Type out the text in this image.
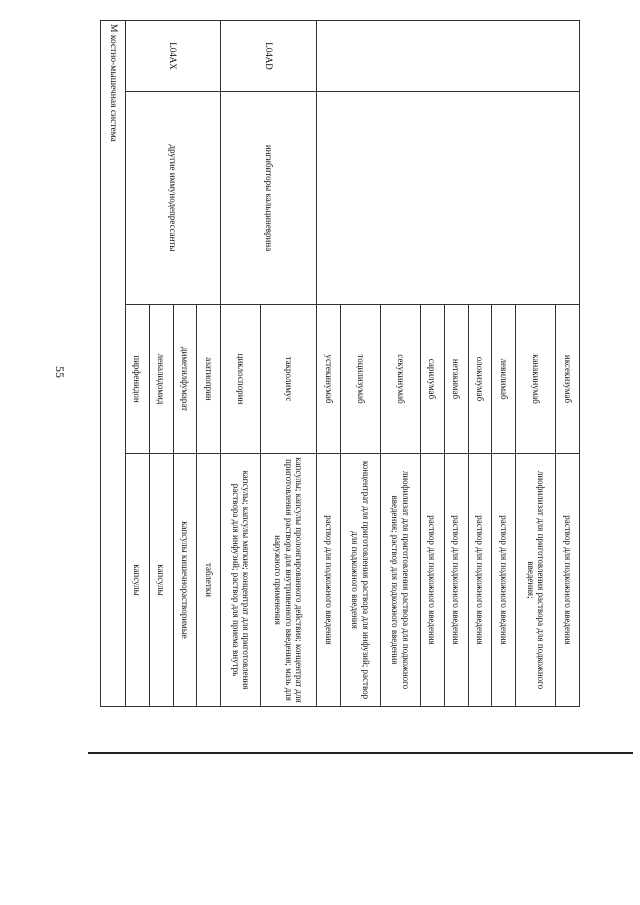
55
			иксекизумаб	раствор для подкожного введения
		канакинумаб	лиофилизат для приготовления раствора для подкожного введения;
		левилимаб	раствор для подкожного введения
		олокизумаб	раствор для подкожного введения
		нетакимаб	раствор для подкожного введения
		сарилумаб	раствор для подкожного введения
		секукинумаб	лиофилизат для приготовления раствора для подкожного введения; раствор для подкожного введения
		тоцилизумаб	концентрат для приготовления раствора для инфузий; раствор для подкожного введения
		устекинумаб	раствор для подкожного введения
L04AD	ингибиторы кальциневрина	такролимус	капсулы; капсулы пролонгированного действия; концентрат для приготовления раствора для внутривенного введения; мазь для наружного применения
		циклоспорин	капсулы; капсулы мягкие; концентрат для приготовления раствора для инфузий; раствор для приема внутрь
L04AX	другие иммунодепрессанты	азатиоприн	таблетки
		диметилфумарат	капсулы кишечнорастворимые
		леналидомид	капсулы
		пирфенидон	капсулы
M костно-мышечная система			
